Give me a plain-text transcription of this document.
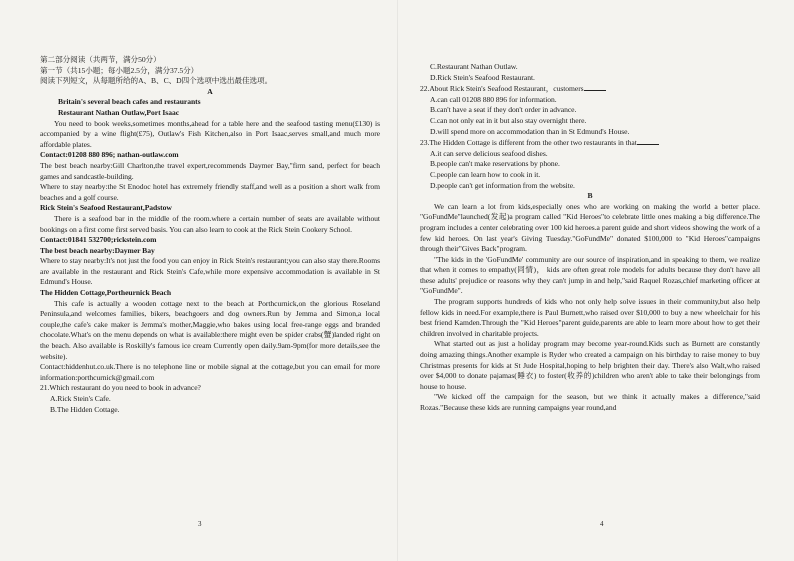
第二部分阅读（共两节，满分50分）

第一节（共15小题；每小题2.5分，满分37.5分）

阅读下列短文，从每题所给的A、B、C、D四个选项中选出最佳选项。

A

Britain's several beach cafes and restaurants

Restaurant Nathan Outlaw,Port Isaac

You need to book weeks,sometimes months,ahead for a table here and the seafood tasting menu(£130) is accompanied by a wine flight(£75), Outlaw's Fish Kitchen,also in Port Isaac,serves small,and much more affordable plates.

Contact:01208 880 896; nathan-outlaw.com

The best beach nearby:Gill Charlton,the travel expert,recommends Daymer Bay,"firm sand, perfect for beach games and sandcastle-building.

Where to stay nearby:the St Enodoc hotel has extremely friendly staff,and well as a position a short walk from beaches and a golf course.

Rick Stein's Seafood Restaurant,Padstow

There is a seafood bar in the middle of the room.where a certain number of seats are available without bookings on a first come first served basis. You can also learn to cook at the Rick Stein Cookery School.

Contact:01841 532700;rickstein.com

The best beach nearby:Daymer Bay

Where to stay nearby:It's not just the food you can enjoy in Rick Stein's restaurant;you can also stay there.Rooms are available in the restaurant and Rick Stein's Cafe,while more expensive accommodation is available in St Edmund's House.

The Hidden Cottage,Portheurnick Beach

This cafe is actually a wooden cottage next to the beach at Porthcurnick,on the glorious Roseland Peninsula,and welcomes families, bikers, beachgoers and dog owners.Run by Jemma and Simon,a local couple,the cafe's cake maker is Jemma's mother,Maggie,who bakes using local free-range eggs and branded chocolate.What's on the menu depends on what is available:there might even be spider crabs(蟹)landed right on the beach. Also available is Roskilly's famous ice cream Currently open daily.9am-9pm(for more details,see the website).

Contact:hiddenhut.co.uk.There is no telephone line or mobile signal at the cottage,but you can email for more information:porthcurnick@gmail.com

21.Which restaurant do you need to book in advance?

A.Rick Stein's Cafe.

B.The Hidden Cottage.

3

C.Restaurant Nathan Outlaw.

D.Rick Stein's Seafood Restaurant.

22.About Rick Stein's Seafood Restaurant，customers

A.can call 01208 880 896 for information.

B.can't have a seat if they don't order in advance.

C.can not only eat in it but also stay overnight there.

D.will spend more on accommodation than in St Edmund's House.

23.The Hidden Cottage is different from the other two restaurants in that

A.it can serve delicious seafood dishes.

B.people can't make reservations by phone.

C.people can learn how to cook in it.

D.people can't get information from the website.

B

We can learn a lot from kids,especially ones who are working on making the world a better place. "GoFundMe"launched(发起)a program called "Kid Heroes"to celebrate little ones making a big difference.The program includes a center celebrating over 100 kid heroes.a parent guide and short videos showing the work of a few kid heroes. On last year's Giving Tuesday."GoFundMe" donated $100,000 to "Kid Heroes"campaigns through their"Gives Back"program.

"The kids in the 'GoFundMe' community are our source of inspiration,and in speaking to them, we realize that when it comes to empathy(同情)， kids are often great role models for adults because they don't have all these adults' prejudice or reasons why they can't jump in and help,"said Raquel Rozas,chief marketing officer at "GoFundMe".

The program supports hundreds of kids who not only help solve issues in their community,but also help fellow kids in need.For example,there is Paul Burnett,who raised over $10,000 to buy a new wheelchair for his best friend Kamden.Through the "Kid Heroes"parent guide,parents are able to learn more about how to get their children involved in charitable projects.

What started out as just a holiday program may become year-round.Kids such as Burnett are constantly doing amazing things.Another example is Ryder who created a campaign on his birthday to raise money to buy Christmas presents for kids at St Jude Hospital,hoping to help brighten their day. There's also Walt,who raised over $4,000 to donate pajamas(睡衣) to foster(收养的)children who aren't able to take their belongings from house to house.

"We kicked off the campaign for the season, but we think it actually makes a difference,"said Rozas."Because these kids are running campaigns year round,and

4
